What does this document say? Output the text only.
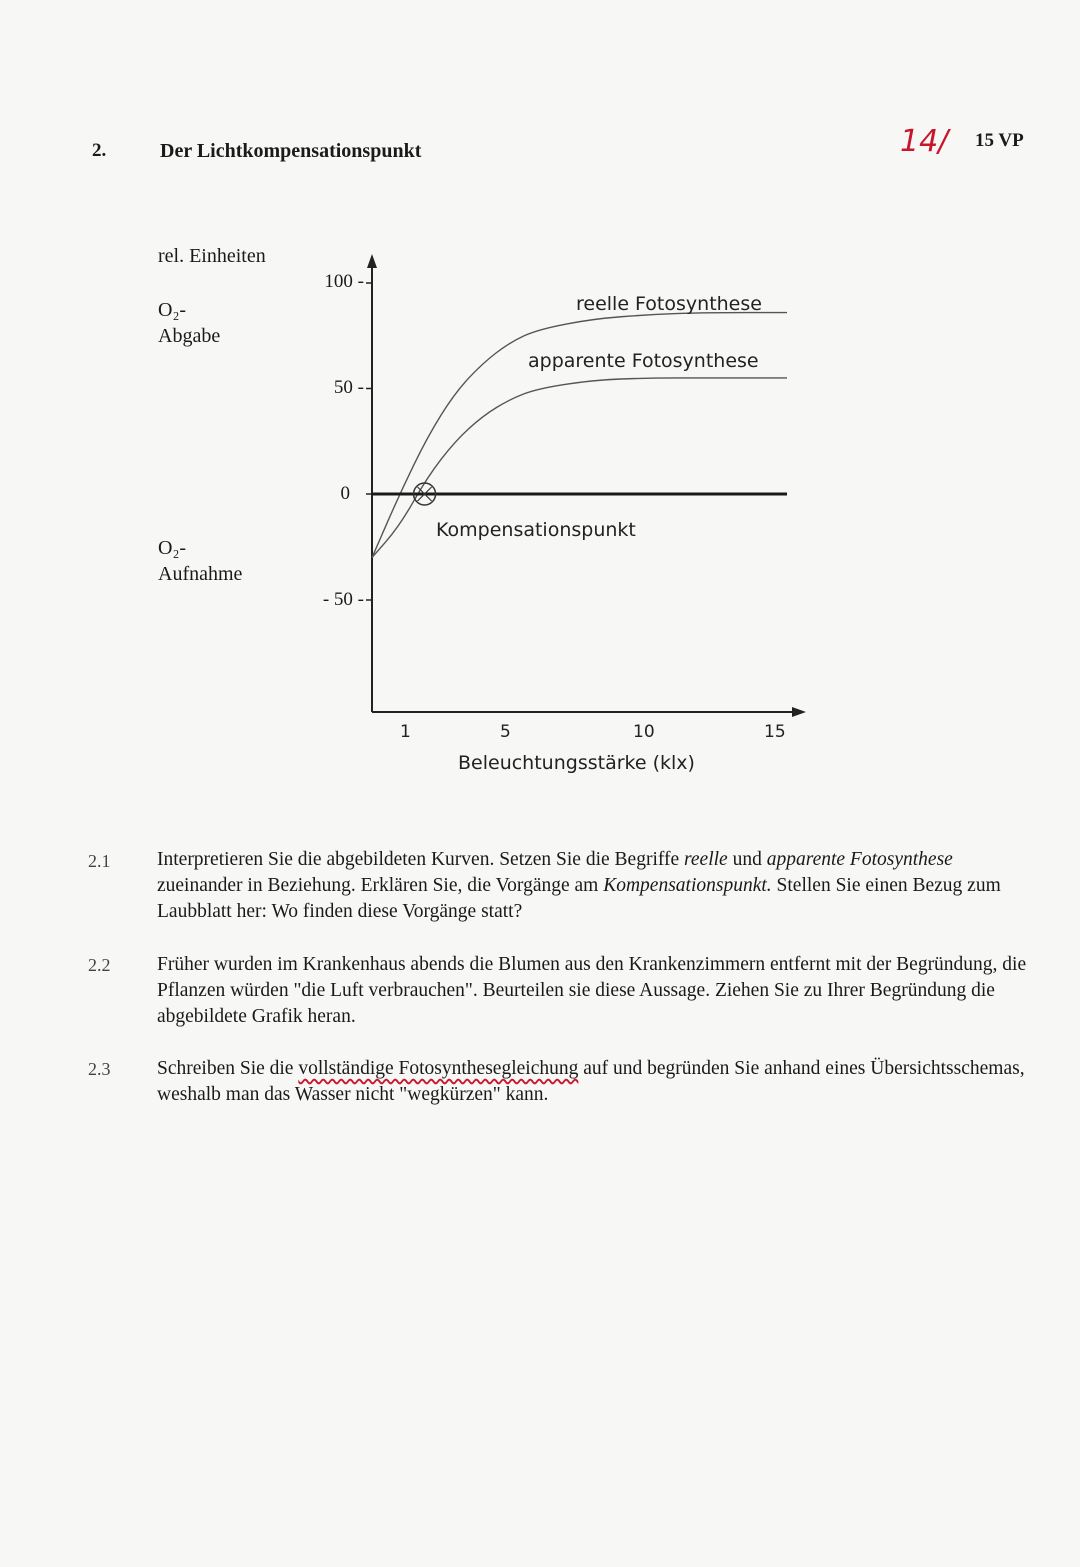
2.	Der Lichtkompensationspunkt	14/ 15 VP
rel. Einheiten
O₂-
Abgabe
O₂-
Aufnahme
100 -
50 -
0
- 50 -
reelle Fotosynthese
apparente Fotosynthese
Kompensationspunkt
1	5	10	15
Beleuchtungsstärke (klx)
2.1 Interpretieren Sie die abgebildeten Kurven. Setzen Sie die Begriffe reelle und apparente Fotosynthese zueinander in Beziehung. Erklären Sie, die Vorgänge am Kompensationspunkt. Stellen Sie einen Bezug zum Laubblatt her: Wo finden diese Vorgänge statt?
2.2 Früher wurden im Krankenhaus abends die Blumen aus den Krankenzimmern entfernt mit der Begründung, die Pflanzen würden "die Luft verbrauchen". Beurteilen sie diese Aussage. Ziehen Sie zu Ihrer Begründung die abgebildete Grafik heran.
2.3 Schreiben Sie die vollständige Fotosynthesegleichung auf und begründen Sie anhand eines Übersichtsschemas, weshalb man das Wasser nicht "wegkürzen" kann.
